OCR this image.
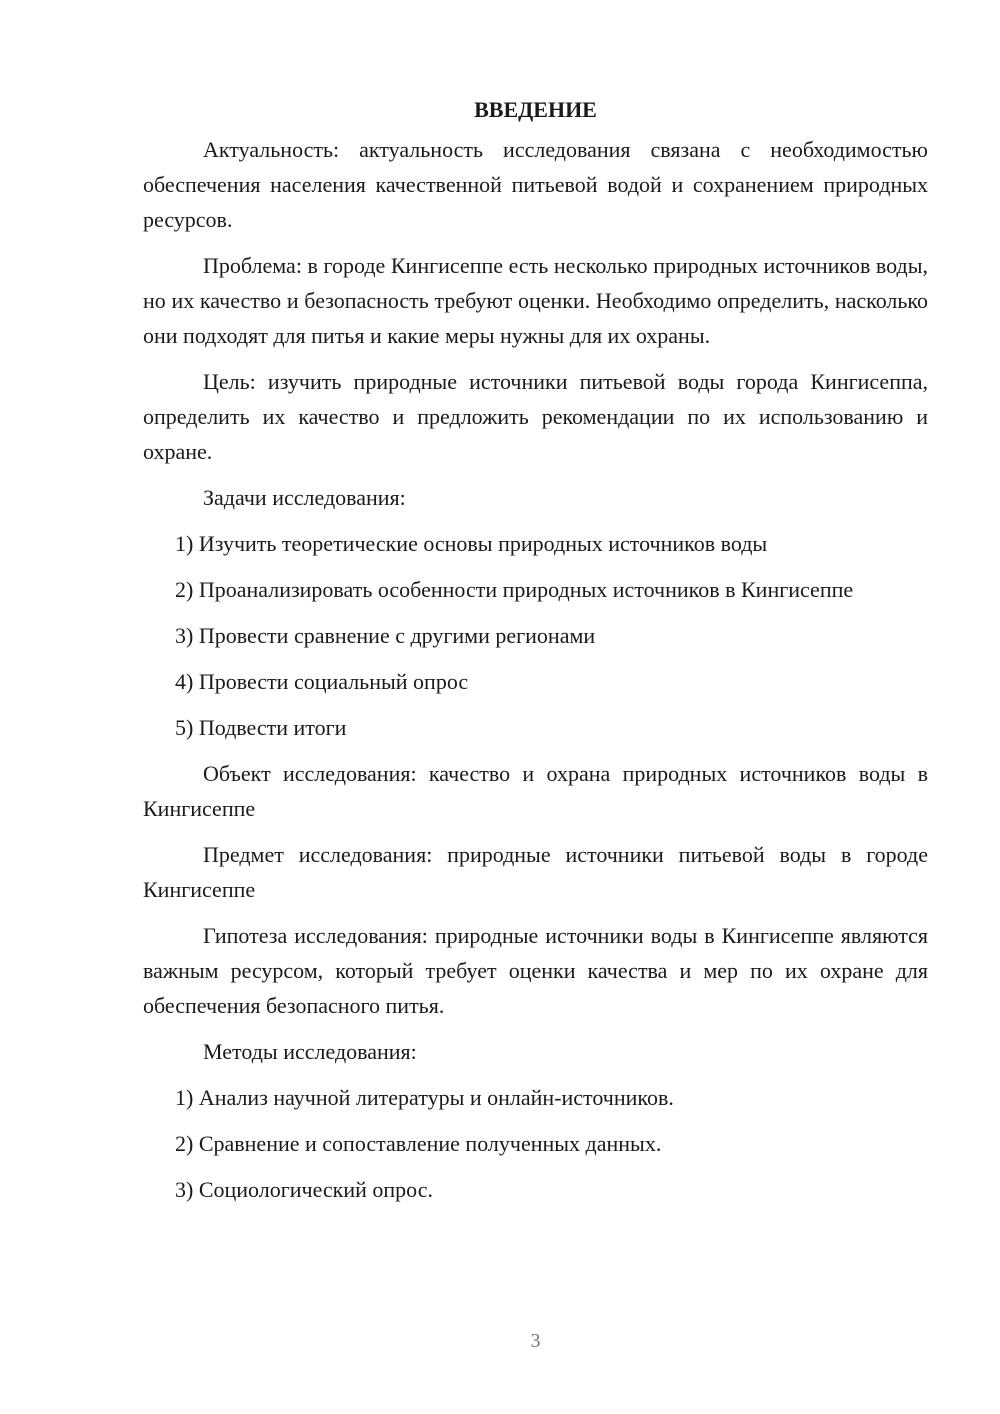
ВВЕДЕНИЕ

Актуальность: актуальность исследования связана с необходимостью обеспечения населения качественной питьевой водой и сохранением природных ресурсов.

Проблема: в городе Кингисеппе есть несколько природных источников воды, но их качество и безопасность требуют оценки. Необходимо определить, насколько они подходят для питья и какие меры нужны для их охраны.

Цель: изучить природные источники питьевой воды города Кингисеппа, определить их качество и предложить рекомендации по их использованию и охране.

Задачи исследования:

1) Изучить теоретические основы природных источников воды

2) Проанализировать особенности природных источников в Кингисеппе

3) Провести сравнение с другими регионами

4) Провести социальный опрос

5) Подвести итоги

Объект исследования: качество и охрана природных источников воды в Кингисеппе

Предмет исследования: природные источники питьевой воды в городе Кингисеппе

Гипотеза исследования: природные источники воды в Кингисеппе являются важным ресурсом, который требует оценки качества и мер по их охране для обеспечения безопасного питья.

Методы исследования:

1) Анализ научной литературы и онлайн-источников.

2) Сравнение и сопоставление полученных данных.

3) Социологический опрос.

3
